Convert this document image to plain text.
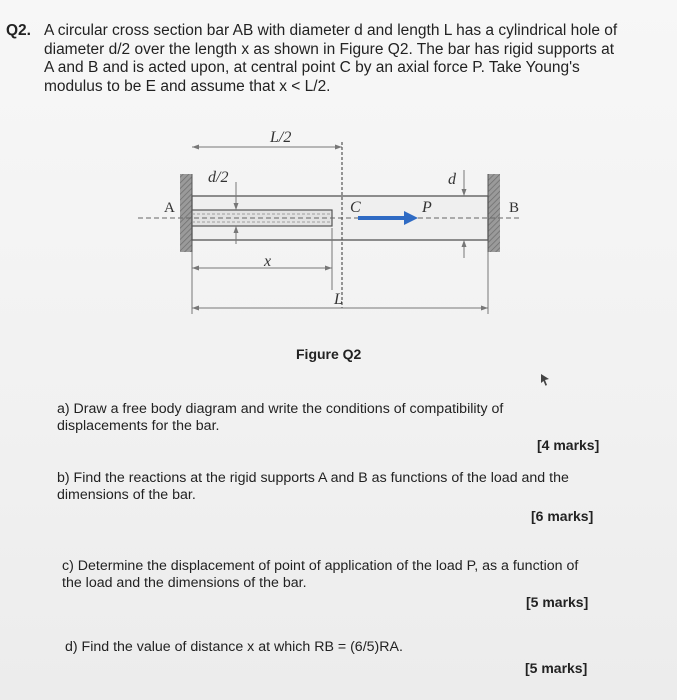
Q2. A circular cross section bar AB with diameter d and length L has a cylindrical hole of
diameter d/2 over the length x as shown in Figure Q2. The bar has rigid supports at
A and B and is acted upon, at central point C by an axial force P. Take Young's
modulus to be E and assume that x < L/2.
L/2
d/2	d
A	B
C	P
x
L
Figure Q2
a) Draw a free body diagram and write the conditions of compatibility of
displacements for the bar.
[4 marks]
b) Find the reactions at the rigid supports A and B as functions of the load and the
dimensions of the bar.
[6 marks]
c) Determine the displacement of point of application of the load P, as a function of
the load and the dimensions of the bar.
[5 marks]
d) Find the value of distance x at which RB = (6/5)RA.
[5 marks]
